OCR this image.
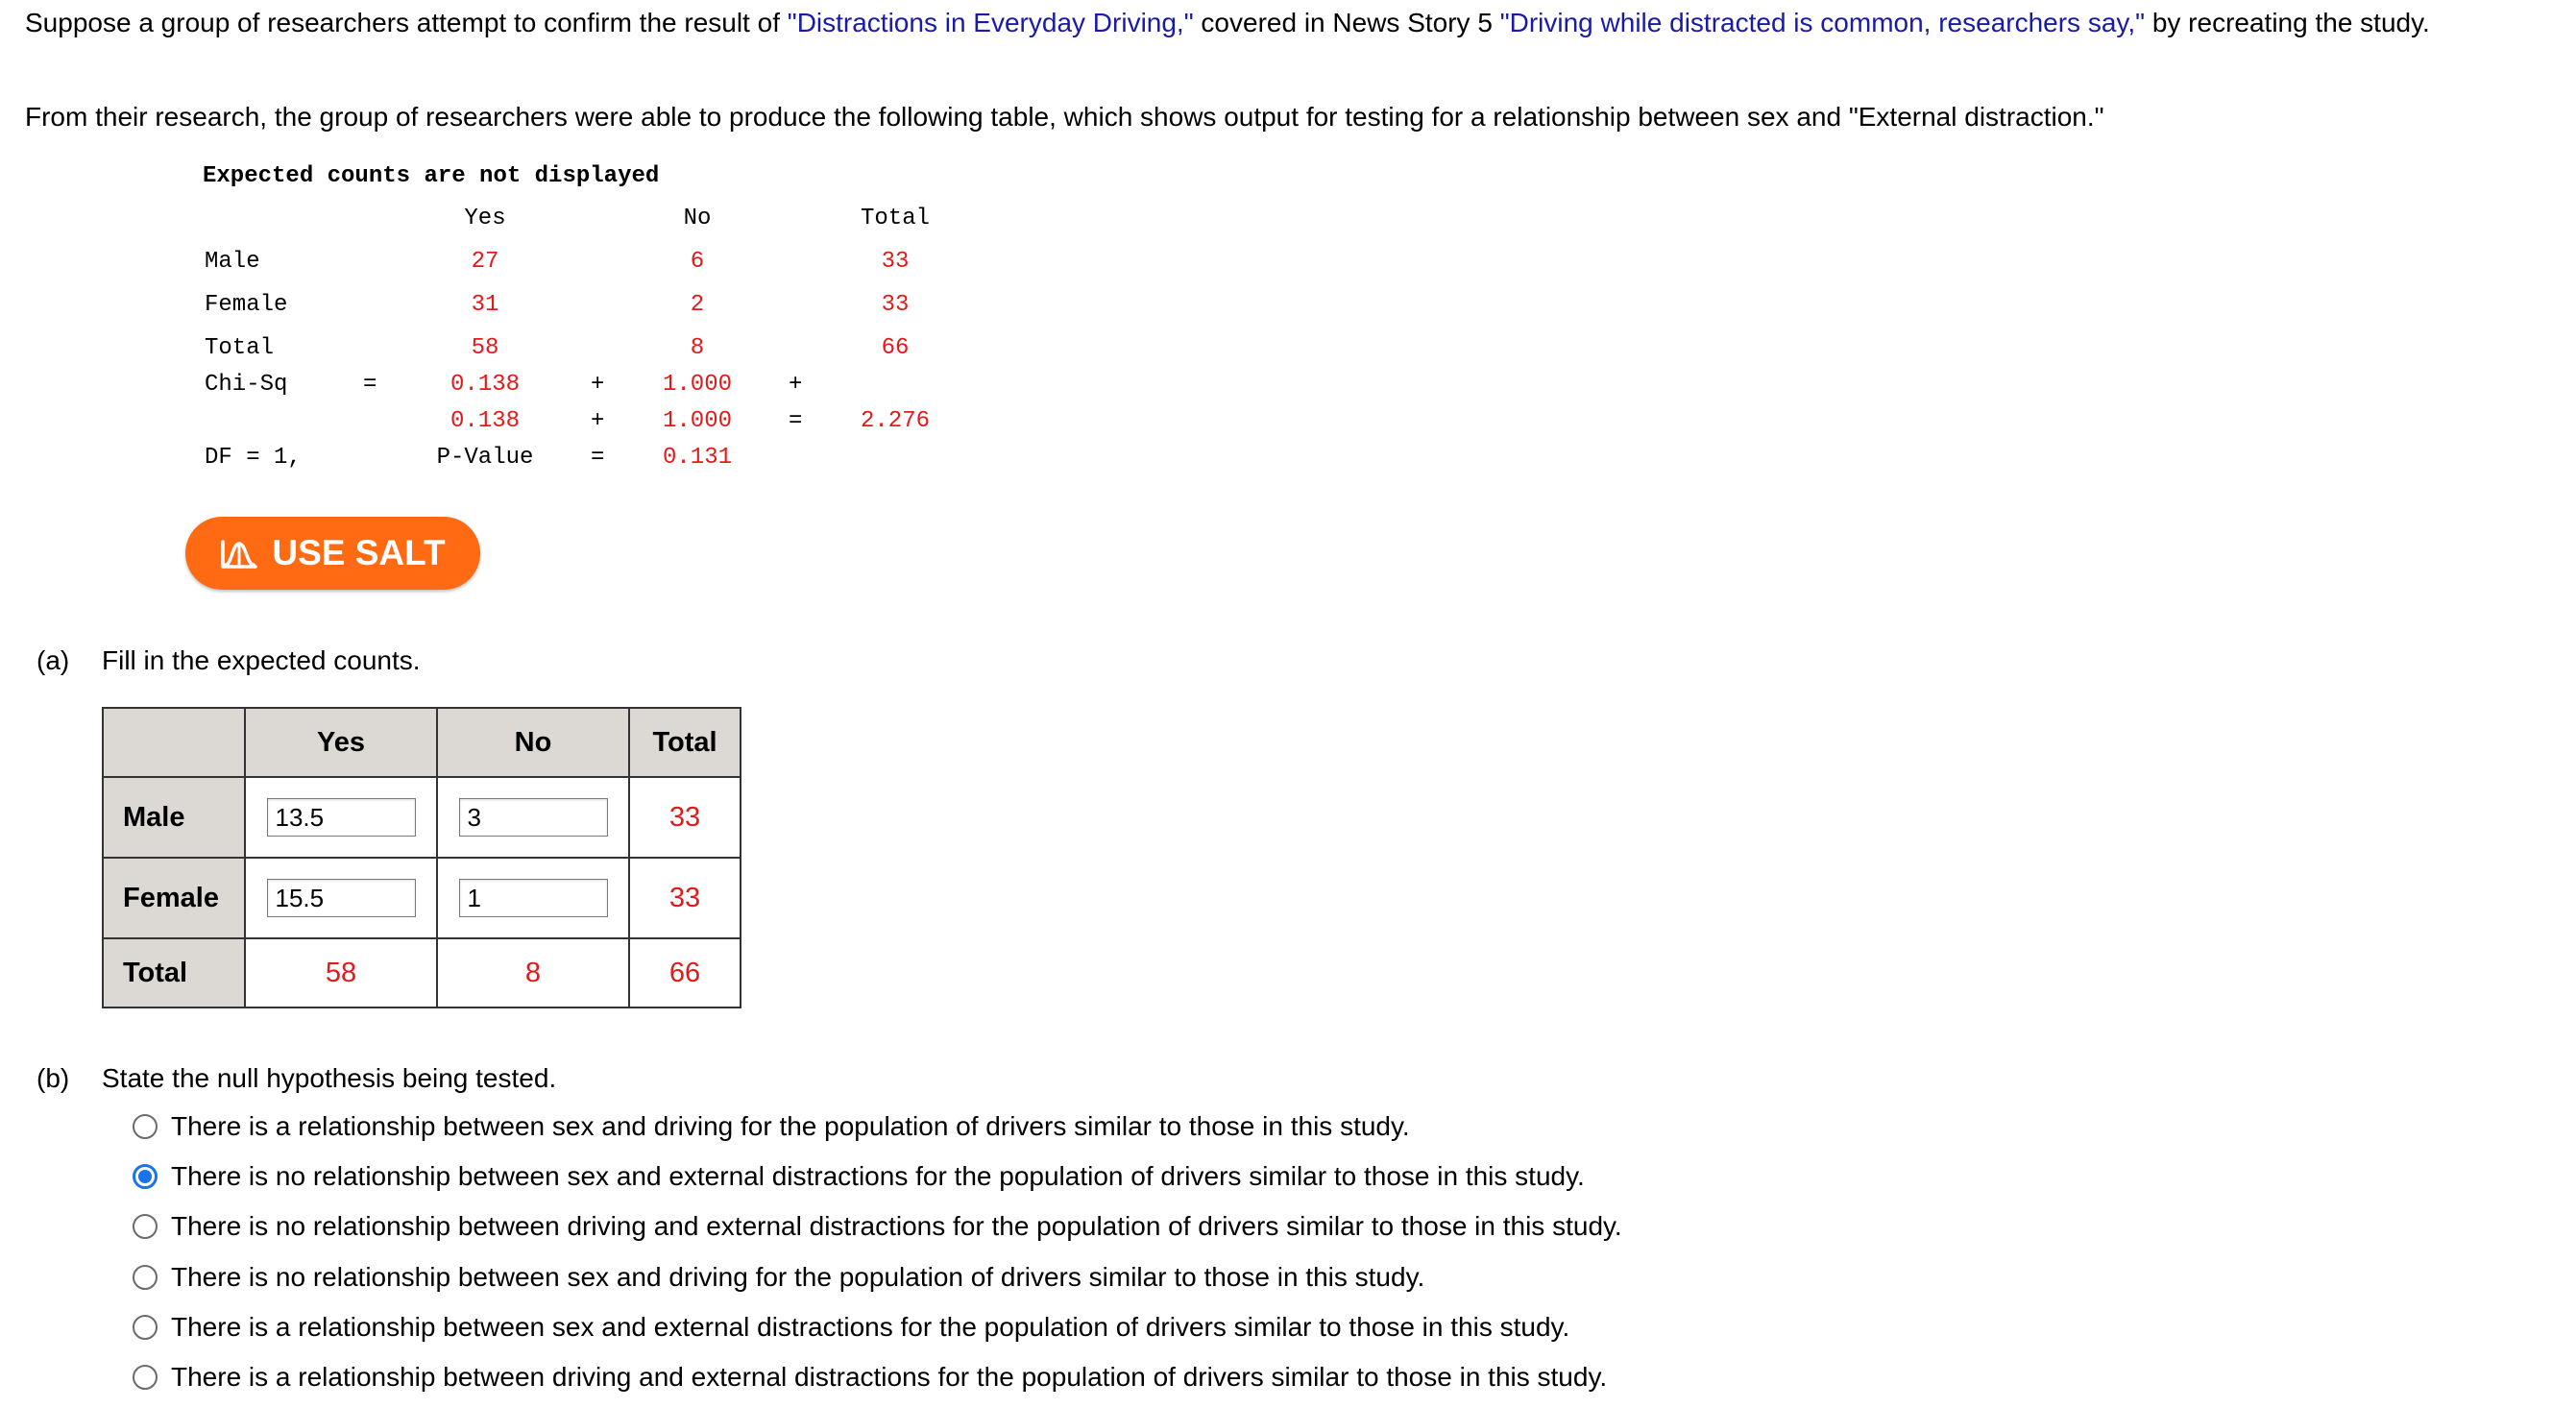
Suppose a group of researchers attempt to confirm the result of "Distractions in Everyday Driving," covered in News Story 5 "Driving while distracted is common, researchers say," by recreating the study.
From their research, the group of researchers were able to produce the following table, which shows output for testing for a relationship between sex and "External distraction."
Expected counts are not displayed
Yes	No	Total
Male	27	6	33
Female	31	2	33
Total	58	8	66
Chi-Sq	=	0.138	+	1.000	+
0.138	+	1.000	=	2.276
DF = 1,	P-Value	=	0.131
USE SALT
(a) Fill in the expected counts.
	Yes	No	Total
Male	13.5	3	33
Female	15.5	1	33
Total	58	8	66
(b) State the null hypothesis being tested.
There is a relationship between sex and driving for the population of drivers similar to those in this study.
There is no relationship between sex and external distractions for the population of drivers similar to those in this study.
There is no relationship between driving and external distractions for the population of drivers similar to those in this study.
There is no relationship between sex and driving for the population of drivers similar to those in this study.
There is a relationship between sex and external distractions for the population of drivers similar to those in this study.
There is a relationship between driving and external distractions for the population of drivers similar to those in this study.
